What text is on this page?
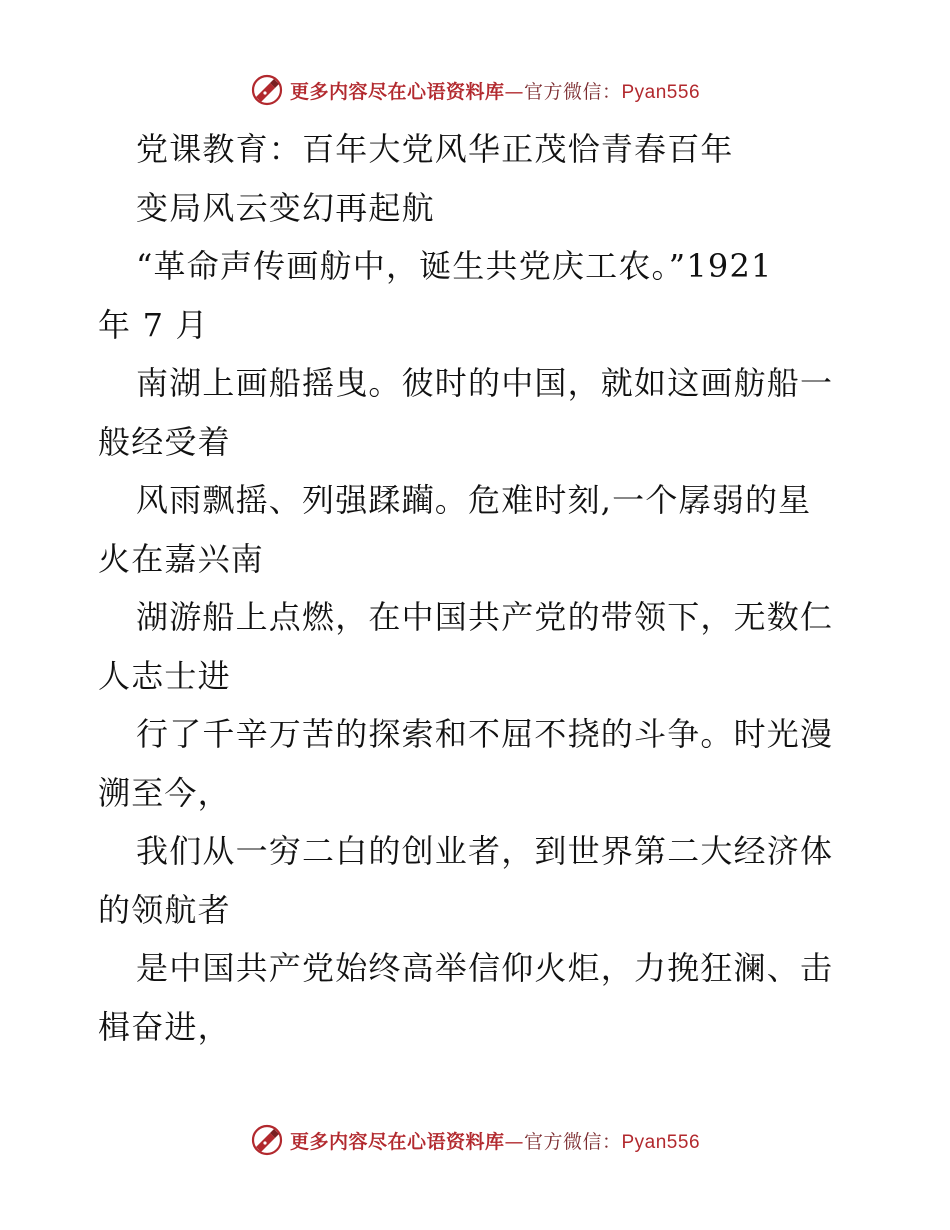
更多内容尽在心语资料库—官方微信：Pyan556
党课教育：百年大党风华正茂恰青春百年
变局风云变幻再起航
“革命声传画舫中，诞生共党庆工农。”1921
年 7 月
南湖上画船摇曳。彼时的中国，就如这画舫船一
般经受着
风雨飘摇、列强蹂躏。危难时刻,一个孱弱的星
火在嘉兴南
湖游船上点燃，在中国共产党的带领下，无数仁
人志士进
行了千辛万苦的探索和不屈不挠的斗争。时光漫
溯至今，
我们从一穷二白的创业者，到世界第二大经济体
的领航者
是中国共产党始终高举信仰火炬，力挽狂澜、击
楫奋进，
更多内容尽在心语资料库—官方微信：Pyan556
